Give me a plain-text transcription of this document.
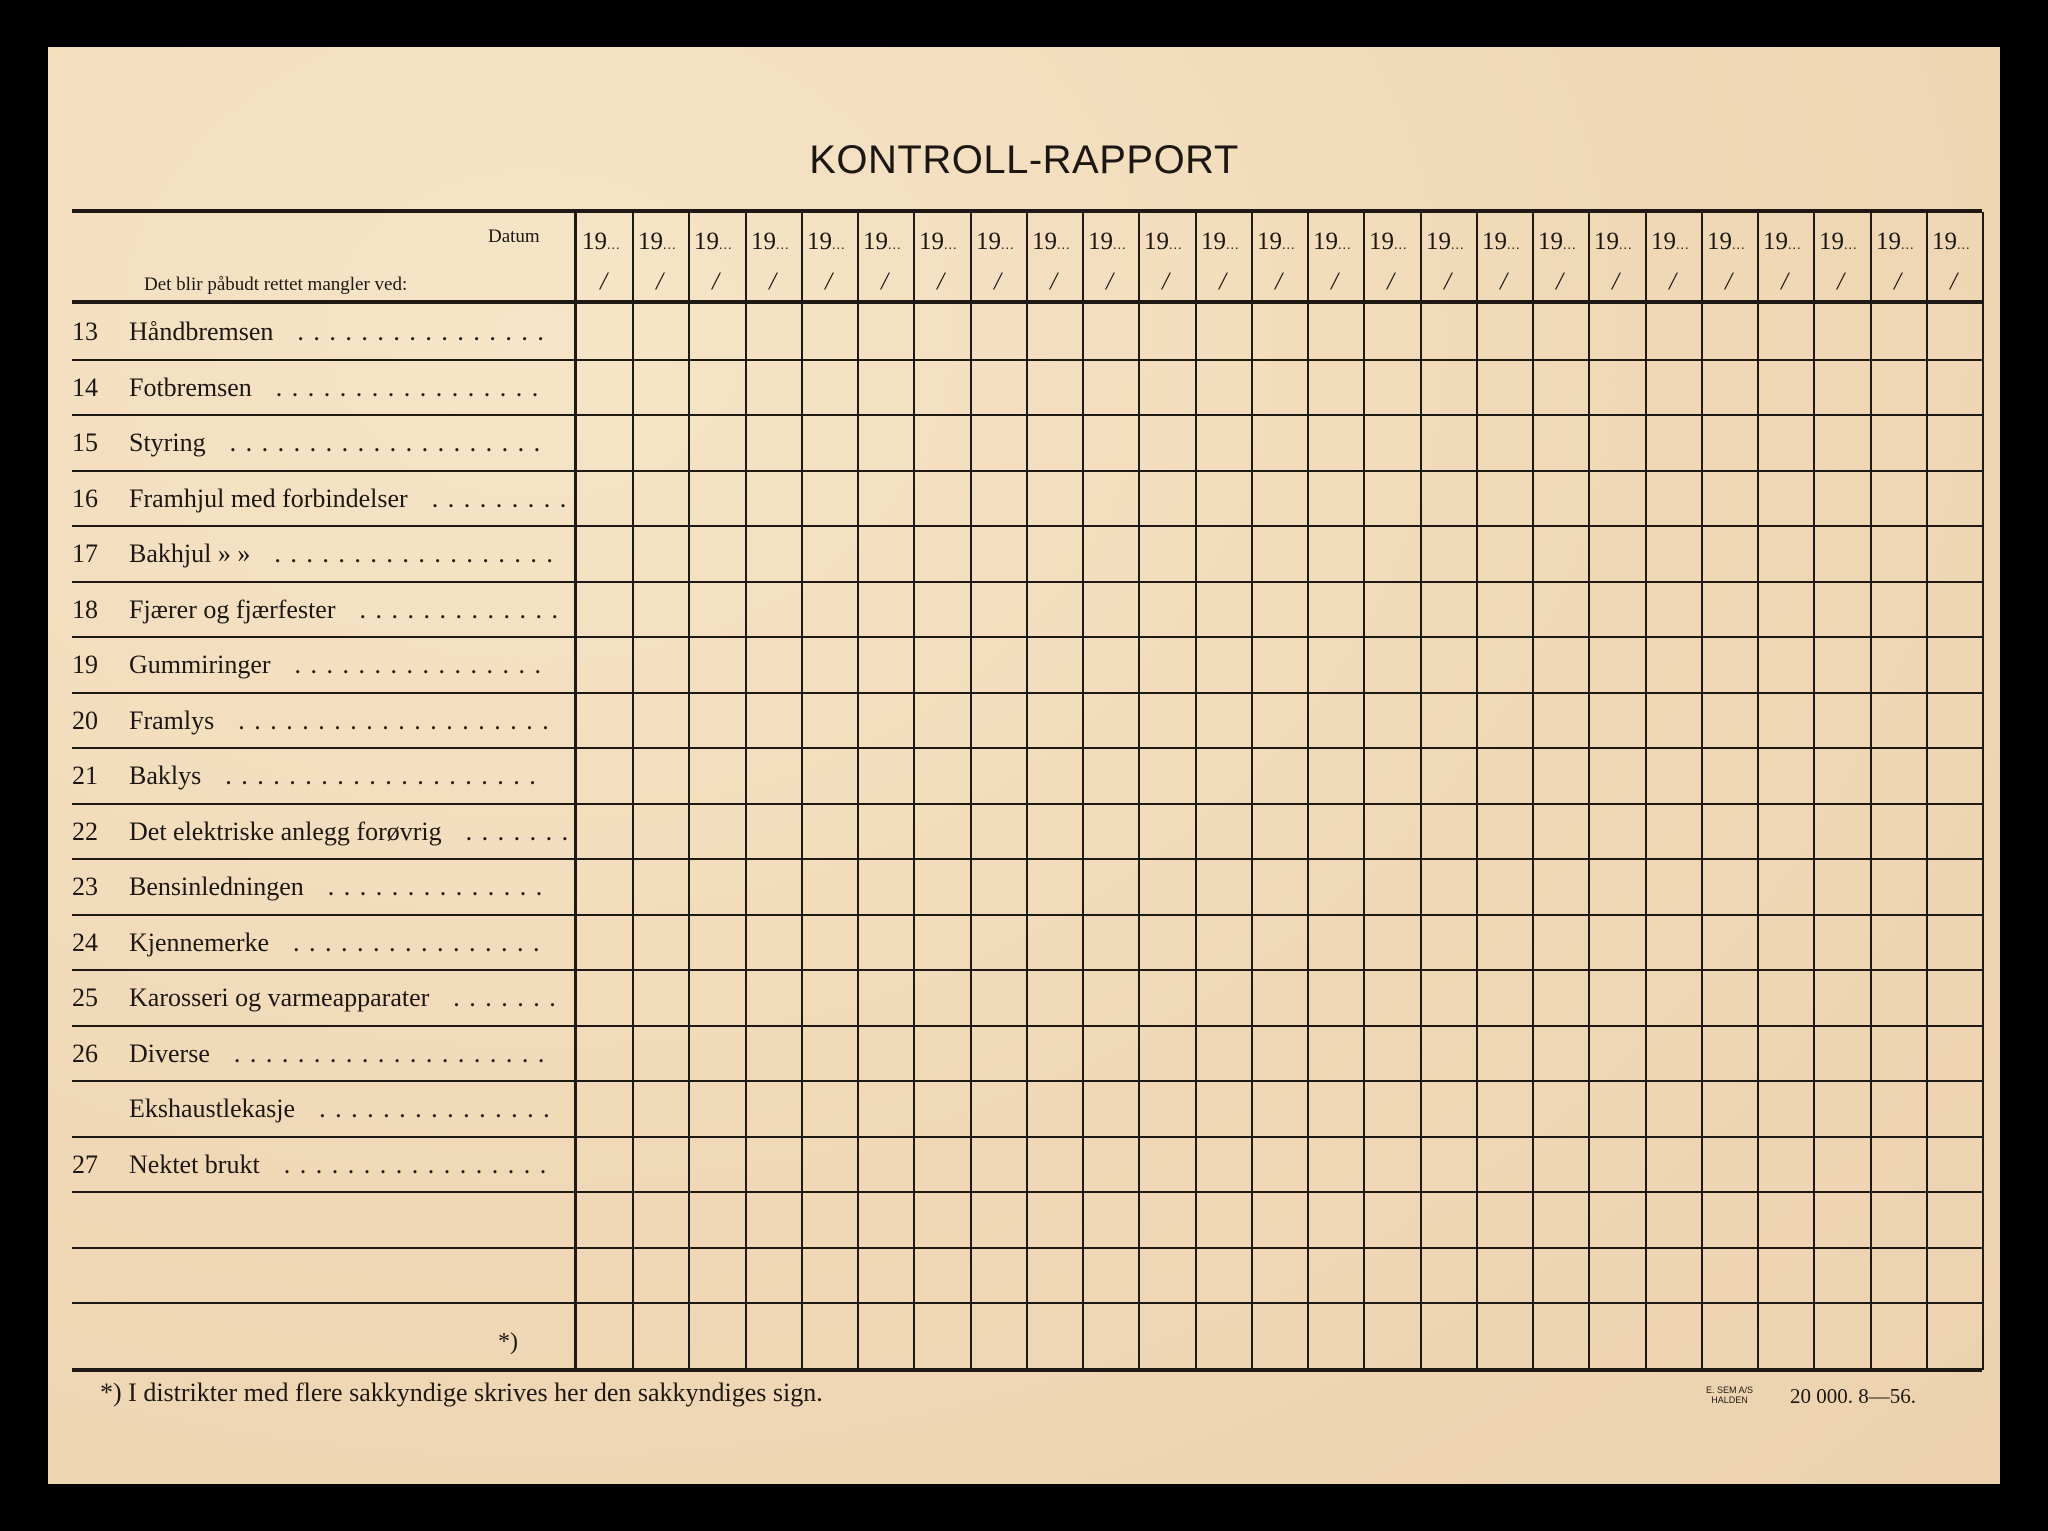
KONTROLL-RAPPORT
Datum
Det blir påbudt rettet mangler ved:
*)
*) I distrikter med flere sakkyndige skrives her den sakkyndiges sign.	E. SEM A/S
HALDEN 20 000. 8—56.
19...
/
19...
/
19...
/
19...
/
19...
/
19...
/
19...
/
19...
/
19...
/
19...
/
19...
/
19...
/
19...
/
19...
/
19...
/
19...
/
19...
/
19...
/
19...
/
19...
/
19...
/
19...
/
19...
/
19...
/
19...
/
13 Håndbremsen ................
14 Fotbremsen .................
15 Styring ....................
16 Framhjul med forbindelser .........
17 Bakhjul » » ..................
18 Fjærer og fjærfester .............
19 Gummiringer ................
20 Framlys ....................
21 Baklys ....................
22 Det elektriske anlegg forøvrig .......
23 Bensinledningen ..............
24 Kjennemerke ................
25 Karosseri og varmeapparater .......
26 Diverse ....................
Ekshaustlekasje ...............
27 Nektet brukt .................
